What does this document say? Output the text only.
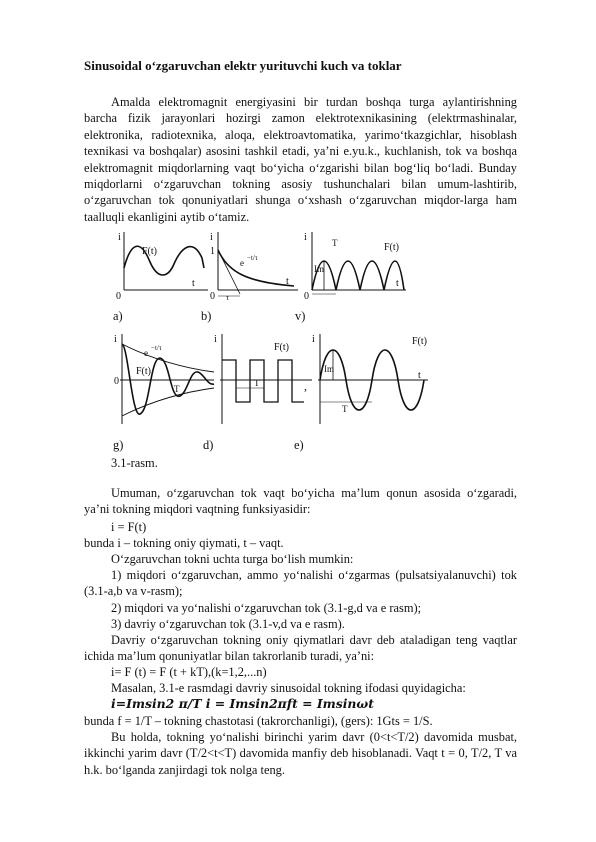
Sinusoidal o‘zgaruvchan elektr yurituvchi kuch va toklar

Amalda elektromagnit energiyasini bir turdan boshqa turga aylantirishning barcha fizik jarayonlari hozirgi zamon elektrotexnikasining (elektrmashinalar, elektronika, radiotexnika, aloqa, elektroavtomatika, yarimo‘tkazgichlar, hisoblash texnikasi va boshqalar) asosini tashkil etadi, ya’ni e.yu.k., kuchlanish, tok va boshqa elektromagnit miqdorlarning vaqt bo‘yicha o‘zgarishi bilan bog‘liq bo‘ladi. Bunday miqdorlarni o‘zgaruvchan tokning asosiy tushunchalari bilan umum-lashtirib, o‘zgaruvchan tok qonuniyatlari shunga o‘xshash o‘zgaruvchan miqdor-larga ham taalluqli ekanligini aytib o‘tamiz.

i
0
F(t)
t
i
1
0
e −t/τ
τ
t
i
0
Im
T	F(t)
t
a)	b)	v)
i
0
e −t/τ
F(t)
T
i
F(t)
T	,
i
Im
F(t)
T
t
g)	d)	e)
3.1-rasm.

Umuman, o‘zgaruvchan tok vaqt bo‘yicha ma’lum qonun asosida o‘zgaradi, ya’ni tokning miqdori vaqtning funksiyasidir:

i = F(t)
bunda i – tokning oniy qiymati, t – vaqt.
O‘zgaruvchan tokni uchta turga bo‘lish mumkin:

1) miqdori o‘zgaruvchan, ammo yo‘nalishi o‘zgarmas (pulsatsiyalanuvchi) tok (3.1-a,b va v-rasm);

2) miqdori va yo‘nalishi o‘zgaruvchan tok (3.1-g,d va e rasm);
3) davriy o‘zgaruvchan tok (3.1-v,d va e rasm).

Davriy o‘zgaruvchan tokning oniy qiymatlari davr deb ataladigan teng vaqtlar ichida ma’lum qonuniyatlar bilan takrorlanib turadi, ya’ni:

i= F (t) = F (t + kT),(k=1,2,...n)
Masalan, 3.1-e rasmdagi davriy sinusoidal tokning ifodasi quyidagicha:
i=Imsin2 π/T i = Imsin2πft = Imsinωt
bunda f = 1/T – tokning chastotasi (takrorchanligi), (gers): 1Gts = 1/S.

Bu holda, tokning yo‘nalishi birinchi yarim davr (0<t<T/2) davomida musbat, ikkinchi yarim davr (T/2<t<T) davomida manfiy deb hisoblanadi. Vaqt t = 0, T/2, T va h.k. bo‘lganda zanjirdagi tok nolga teng.
